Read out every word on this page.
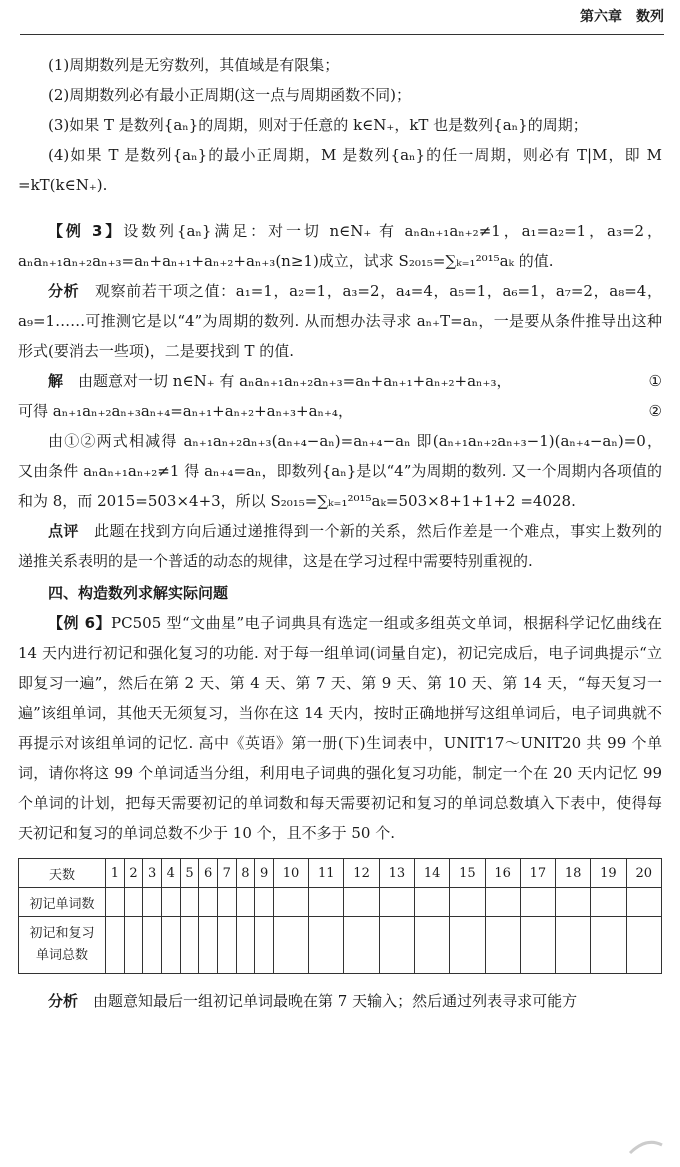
第六章　数列

(1)周期数列是无穷数列，其值域是有限集；

(2)周期数列必有最小正周期(这一点与周期函数不同)；

(3)如果 T 是数列{aₙ}的周期，则对于任意的 k∈N₊，kT 也是数列{aₙ}的周期；

(4)如果 T 是数列{aₙ}的最小正周期，M 是数列{aₙ}的任一周期，则必有 T|M，即 M =kT(k∈N₊).

【例 3】设数列{aₙ}满足：对一切 n∈N₊ 有 aₙaₙ₊₁aₙ₊₂≠1，a₁=a₂=1，a₃=2，aₙaₙ₊₁aₙ₊₂aₙ₊₃=aₙ+aₙ₊₁+aₙ₊₂+aₙ₊₃(n≥1)成立，试求 S₂₀₁₅=∑ₖ₌₁²⁰¹⁵aₖ 的值.

分析　 观察前若干项之值：a₁=1，a₂=1，a₃=2，a₄=4，a₅=1，a₆=1，a₇=2，a₈=4，a₉=1……可推测它是以“4”为周期的数列. 从而想办法寻求 aₙ₊T=aₙ，一是要从条件推导出这种形式(要消去一些项)，二是要找到 T 的值.

解　 由题意对一切 n∈N₊ 有 aₙaₙ₊₁aₙ₊₂aₙ₊₃=aₙ+aₙ₊₁+aₙ₊₂+aₙ₊₃，	①
可得 aₙ₊₁aₙ₊₂aₙ₊₃aₙ₊₄=aₙ₊₁+aₙ₊₂+aₙ₊₃+aₙ₊₄，	②

由①②两式相减得 aₙ₊₁aₙ₊₂aₙ₊₃(aₙ₊₄−aₙ)=aₙ₊₄−aₙ 即(aₙ₊₁aₙ₊₂aₙ₊₃−1)(aₙ₊₄−aₙ)=0，又由条件 aₙaₙ₊₁aₙ₊₂≠1 得 aₙ₊₄=aₙ，即数列{aₙ}是以“4”为周期的数列. 又一个周期内各项值的和为 8，而 2015=503×4+3，所以 S₂₀₁₅=∑ₖ₌₁²⁰¹⁵aₖ=503×8+1+1+2 =4028.

点评　 此题在找到方向后通过递推得到一个新的关系，然后作差是一个难点，事实上数列的递推关系表明的是一个普适的动态的规律，这是在学习过程中需要特别重视的.

四、构造数列求解实际问题

【例 6】PC505 型“文曲星”电子词典具有选定一组或多组英文单词，根据科学记忆曲线在 14 天内进行初记和强化复习的功能. 对于每一组单词(词量自定)，初记完成后，电子词典提示“立即复习一遍”，然后在第 2 天、第 4 天、第 7 天、第 9 天、第 10 天、第 14 天，“每天复习一遍”该组单词，其他天无须复习，当你在这 14 天内，按时正确地拼写这组单词后，电子词典就不再提示对该组单词的记忆. 高中《英语》第一册(下)生词表中，UNIT17～UNIT20 共 99 个单词，请你将这 99 个单词适当分组，利用电子词典的强化复习功能，制定一个在 20 天内记忆 99 个单词的计划，把每天需要初记的单词数和每天需要初记和复习的单词总数填入下表中，使得每天初记和复习的单词总数不少于 10 个，且不多于 50 个.

天数	1	2	3	4	5	6	7	8	9	10	11	12	13	14	15	16	17	18	19	20
初记单词数																				
初记和复习
单词总数																				

分析　 由题意知最后一组初记单词最晚在第 7 天输入；然后通过列表寻求可能方
